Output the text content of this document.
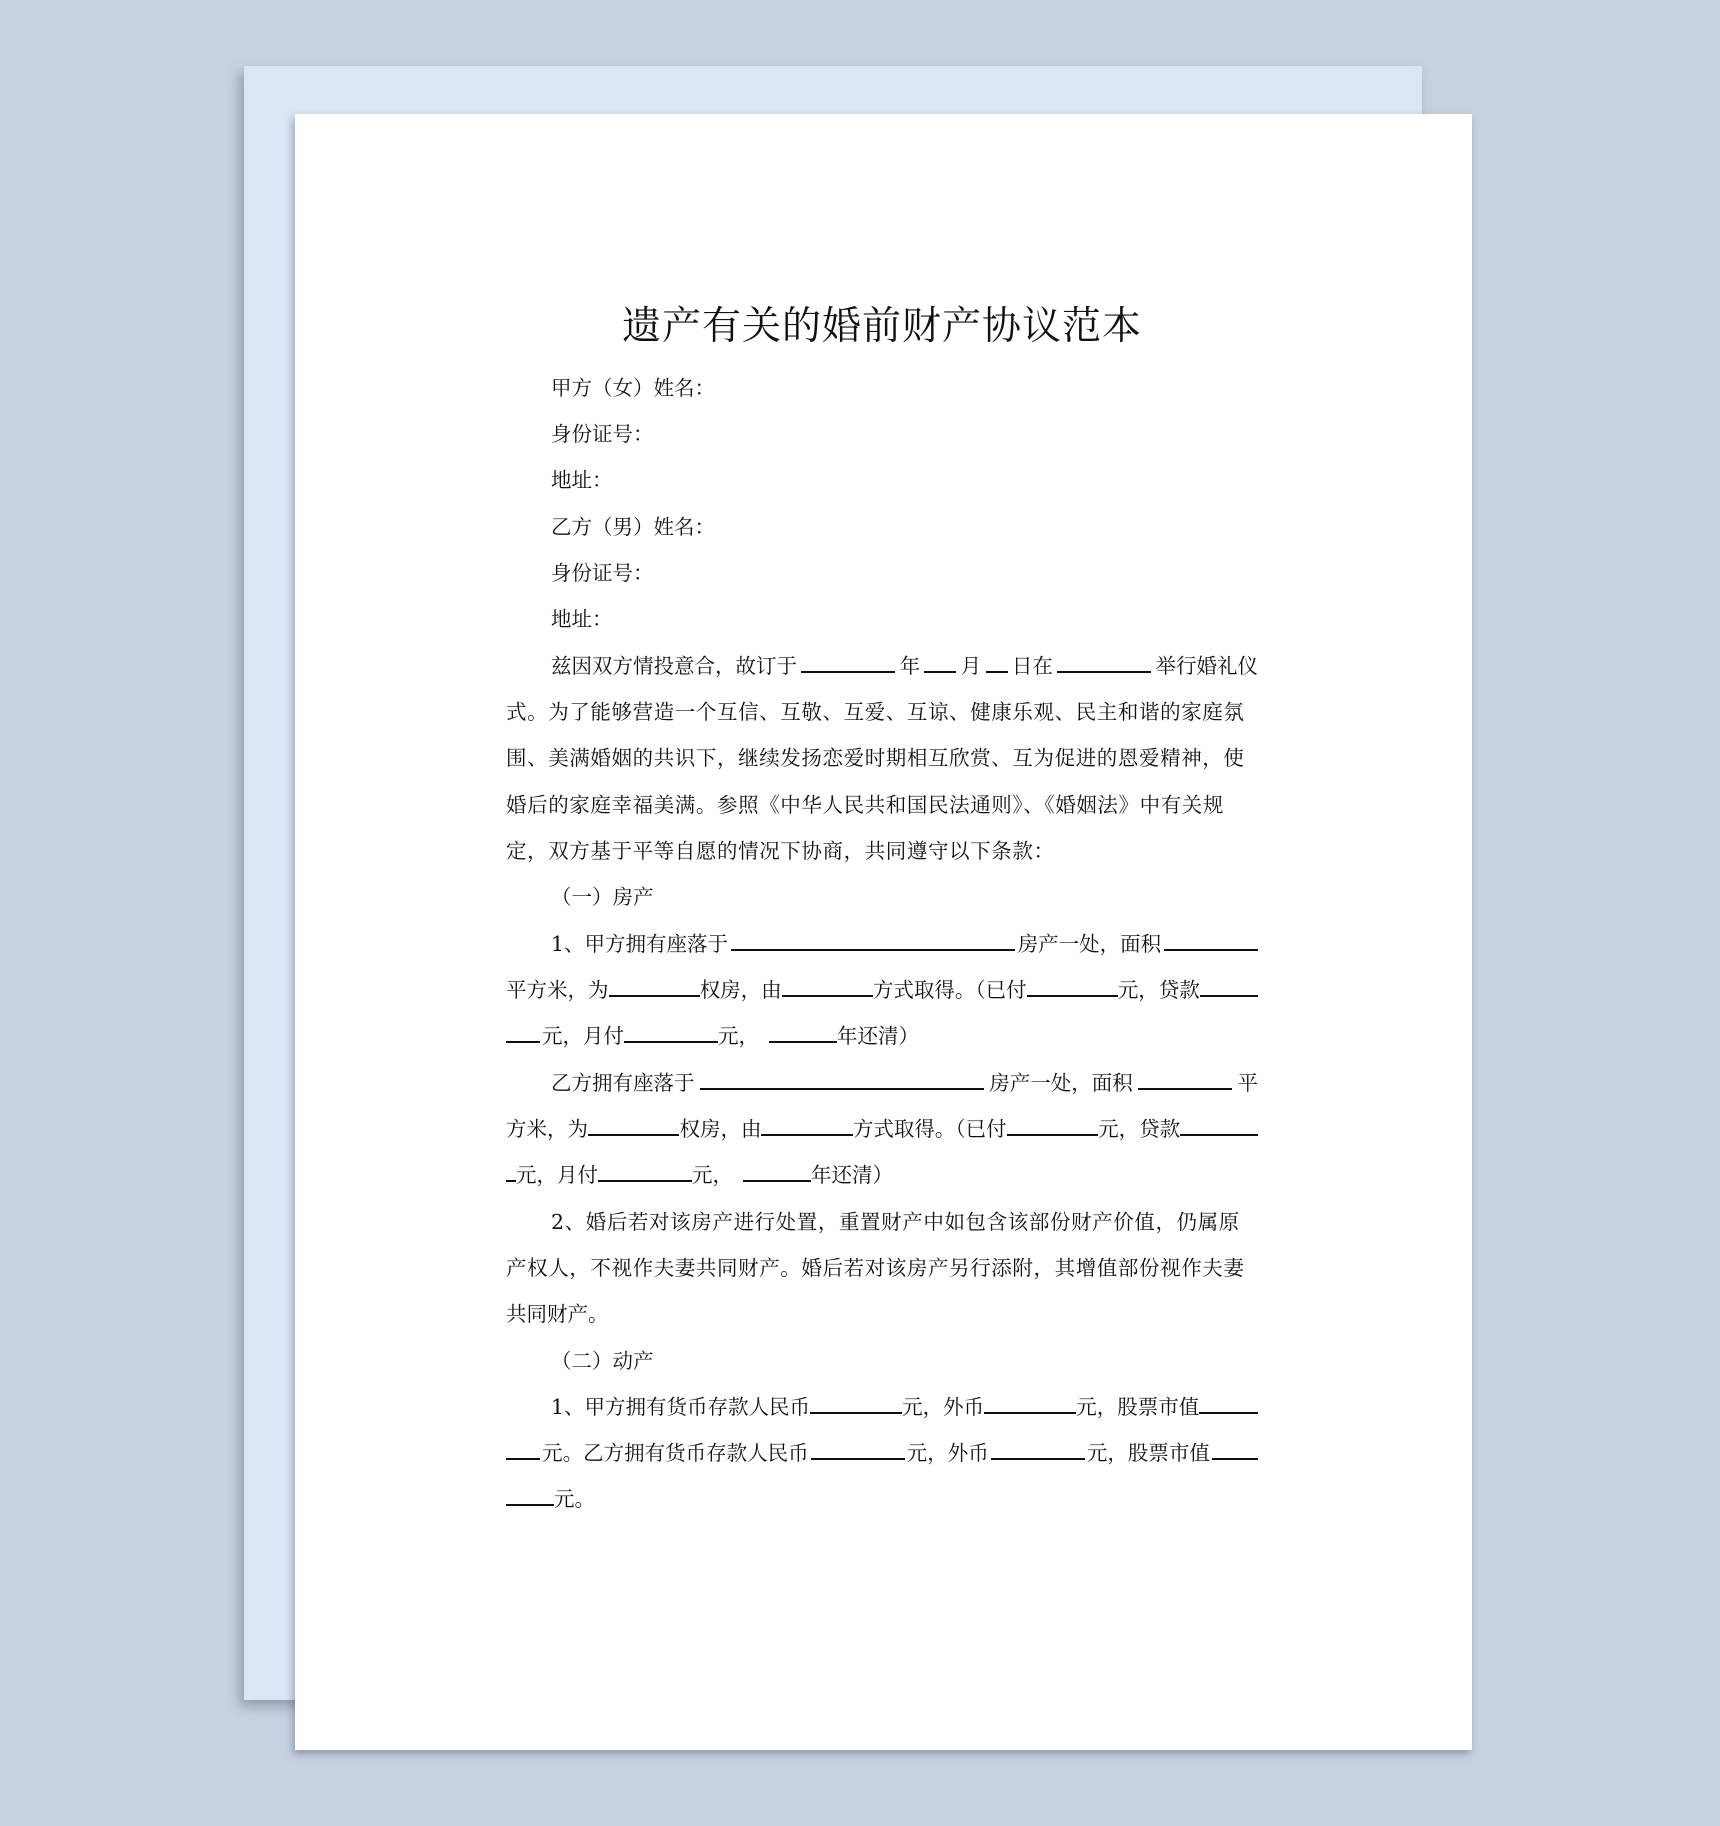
遗产有关的婚前财产协议范本
甲方（女）姓名：
身份证号：
地址：
乙方（男）姓名：
身份证号：
地址：
兹因双方情投意合，故订于	年 月 日在	举行婚礼仪
式。为了能够营造一个互信、互敬、互爱、互谅、健康乐观、民主和谐的家庭氛
围、美满婚姻的共识下，继续发扬恋爱时期相互欣赏、互为促进的恩爱精神，使
婚后的家庭幸福美满。参照《中华人民共和国民法通则》、《婚姻法》中有关规
定，双方基于平等自愿的情况下协商，共同遵守以下条款：
（一）房产
1、甲方拥有座落于	房产一处，面积
平方米，为	权房，由	方式取得。（已付	元，贷款
元，月付	元，	年还清）
乙方拥有座落于	房产一处，面积	平
方米，为	权房，由	方式取得。（已付	元，贷款
元，月付	元，	年还清）
2、婚后若对该房产进行处置，重置财产中如包含该部份财产价值，仍属原
产权人，不视作夫妻共同财产。婚后若对该房产另行添附，其增值部份视作夫妻
共同财产。
（二）动产
1、甲方拥有货币存款人民币	元，外币	元，股票市值
元。乙方拥有货币存款人民币	元，外币	元，股票市值
元。
